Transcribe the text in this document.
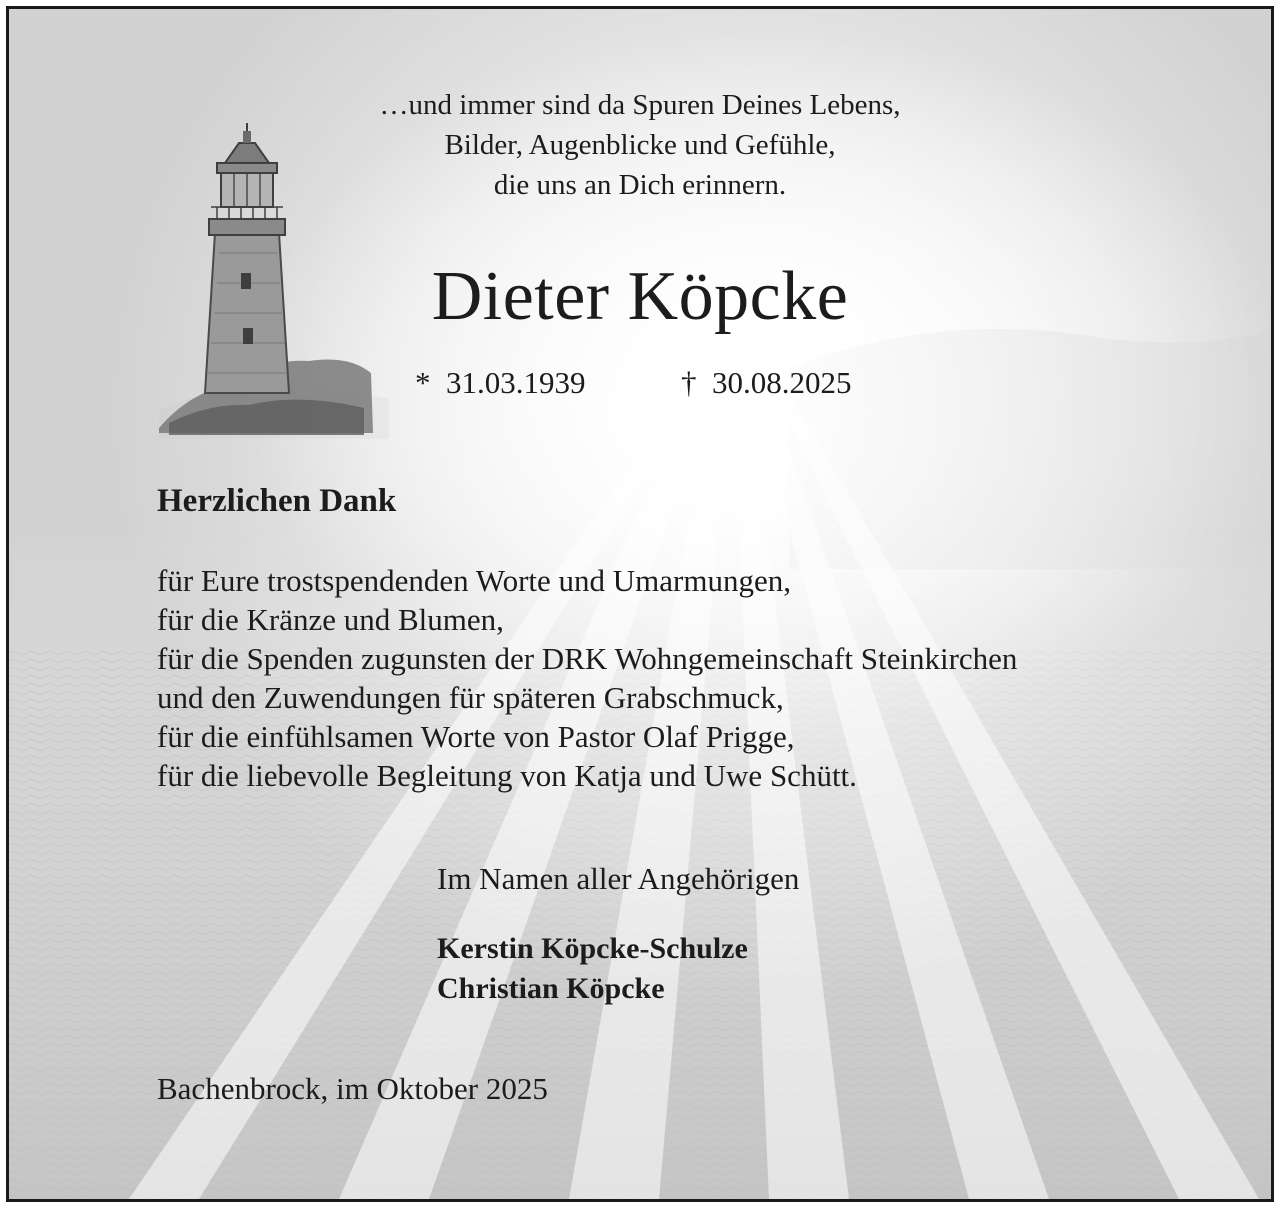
…und immer sind da Spuren Deines Lebens,
Bilder, Augenblicke und Gefühle,
die uns an Dich erinnern.
Dieter Köpcke
* 31.03.1939	† 30.08.2025
Herzlichen Dank
für Eure trostspendenden Worte und Umarmungen,
für die Kränze und Blumen,
für die Spenden zugunsten der DRK Wohngemeinschaft Steinkirchen
und den Zuwendungen für späteren Grabschmuck,
für die einfühlsamen Worte von Pastor Olaf Prigge,
für die liebevolle Begleitung von Katja und Uwe Schütt.
Im Namen aller Angehörigen
Kerstin Köpcke-Schulze
Christian Köpcke
Bachenbrock, im Oktober 2025
